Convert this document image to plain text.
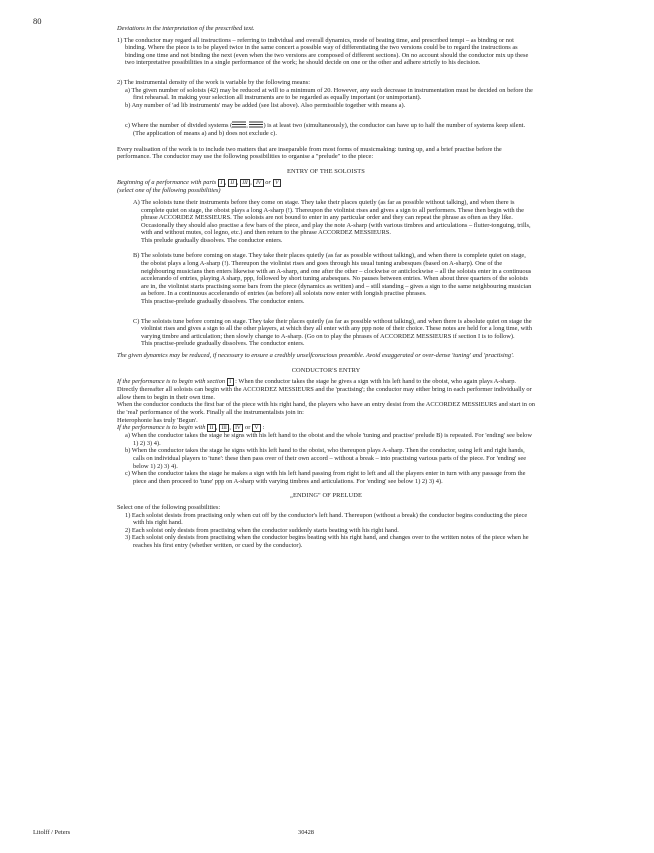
80

Deviations in the interpretation of the prescribed text.

1) The conductor may regard all instructions – referring to individual and overall dynamics, mode of beating time, and prescribed tempi – as binding or not binding. Where the piece is to be played twice in the same concert a possible way of differentiating the two versions could be to regard the instructions as binding one time and not binding the next (even when the two versions are composed of different sections). On no account should the conductor mix up these two interpretative possibilities in a single performance of the work; he should decide on one or the other and adhere strictly to his decision.

2) The instrumental density of the work is variable by the following means:

a) The given number of soloists (42) may be reduced at will to a minimum of 20. However, any such decrease in instrumentation must be decided on before the first rehearsal. In making your selection all instruments are to be regarded as equally important (or unimportant).

b) Any number of 'ad lib instruments' may be added (see list above). Also permissible together with means a).

c) Where the number of divided systems ( , ) is at least two (simultaneously), the conductor can have up to half the number of systems keep silent. (The application of means a) and b) does not exclude c).

Every realisation of the work is to include two matters that are inseparable from most forms of musicmaking: tuning up, and a brief practise before the performance. The conductor may use the following possibilities to organise a "prelude" to the piece:

ENTRY OF THE SOLOISTS

Beginning of a performance with parts I , II , III , IV or V

(select one of the following possibilities)

A) The soloists tune their instruments before they come on stage. They take their places quietly (as far as possible without talking), and when there is complete quiet on stage, the oboist plays a long A-sharp (!). Thereupon the violinist rises and gives a sign to all performers. These then begin with the phrase ACCORDEZ MESSIEURS. The soloists are not bound to enter in any particular order and they can repeat the phrase as often as they like. Occasionally they should also practise a few bars of the piece, and play the note A-sharp (with various timbres and articulations – flutter-tonguing, trills, with and without mutes, col legno, etc.) and then return to the phrase ACCORDEZ MESSIEURS.

This prelude gradually dissolves. The conductor enters.

B) The soloists tune before coming on stage. They take their places quietly (as far as possible without talking), and when there is complete quiet on stage, the oboist plays a long A-sharp (!). Thereupon the violinist rises and goes through his usual tuning arabesques (based on A-sharp). One of the neighbouring musicians then enters likewise with an A-sharp, and one after the other – clockwise or anticlockwise – all the soloists enter in a continuous accelerando of entries, playing A sharp, ppp, followed by short tuning arabesques. No pauses between entries. When about three quarters of the soloists are in, the violinist starts practising some bars from the piece (dynamics as written) and – still standing – gives a sign to the same neighbouring musician as before. In a continuous accelerando of entries (as before) all soloists now enter with longish practise phrases.

This practise-prelude gradually dissolves. The conductor enters.

C) The soloists tune before coming on stage. They take their places quietly (as far as possible without talking), and when there is absolute quiet on stage the violinist rises and gives a sign to all the other players, at which they all enter with any ppp note of their choice. These notes are held for a long time, with varying timbre and articulation; then slowly change to A-sharp. (Go on to play the phrases of ACCORDEZ MESSIEURS if section I is to follow).

This practise-prelude gradually dissolves. The conductor enters.

The given dynamics may be reduced, if necessary to ensure a credibly unselfconscious preamble. Avoid exaggerated or over-dense 'tuning' and 'practising'.

CONDUCTOR'S ENTRY

If the performance is to begin with section I : When the conductor takes the stage he gives a sign with his left hand to the oboist, who again plays A-sharp. Directly thereafter all soloists can begin with the ACCORDEZ MESSIEURS and the 'practising'; the conductor may either bring in each performer individually or allow them to begin in their own time.

When the conductor conducts the first bar of the piece with his right hand, the players who have an entry desist from the ACCORDEZ MESSIEURS and start in on the 'real' performance of the work. Finally all the instrumentalists join in:

Heterophonie has truly 'Begun'.

If the performance is to begin with II , III , IV or V :

a) When the conductor takes the stage he signs with his left hand to the oboist and the whole 'tuning and practise' prelude B) is repeated. For 'ending' see below 1) 2) 3) 4).

b) When the conductor takes the stage he signs with his left hand to the oboist, who thereupon plays A-sharp. Then the conductor, using left and right hands, calls on individual players to 'tune': these then pass over of their own accord – without a break – into practising various parts of the piece. For 'ending' see below 1) 2) 3) 4).

c) When the conductor takes the stage he makes a sign with his left hand passing from right to left and all the players enter in turn with any passage from the piece and then proceed to 'tune' ppp on A-sharp with varying timbres and articulations. For 'ending' see below 1) 2) 3) 4).

„ENDING" OF PRELUDE

Select one of the following possibilities:

1) Each soloist desists from practising only when cut off by the conductor's left hand. Thereupon (without a break) the conductor begins conducting the piece with his right hand.

2) Each soloist only desists from practising when the conductor suddenly starts beating with his right hand.

3) Each soloist only desists from practising when the conductor begins beating with his right hand, and changes over to the written notes of the piece when he reaches his first entry (whether written, or cued by the conductor).

Litolff / Peters	30428
